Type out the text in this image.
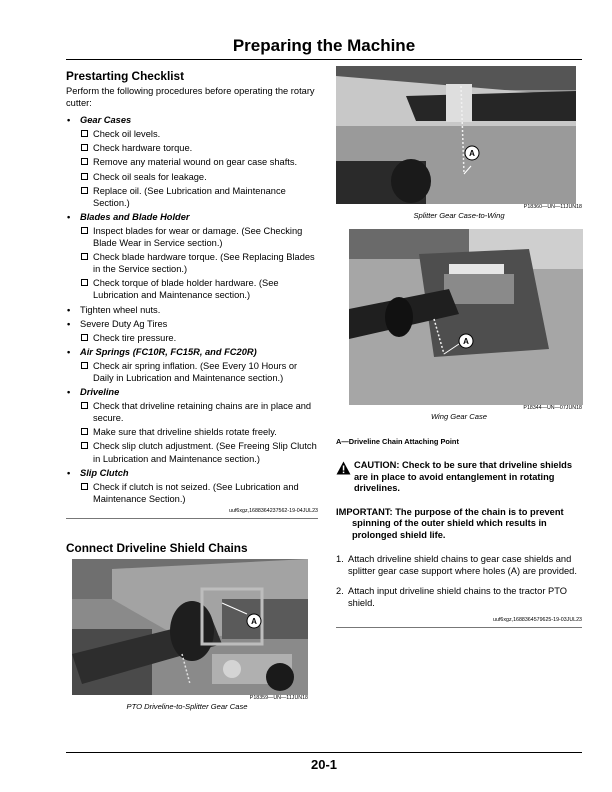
Preparing the Machine
Prestarting Checklist
Perform the following procedures before operating the rotary cutter:
• Gear Cases
Check oil levels.
Check hardware torque.
Remove any material wound on gear case shafts.
Check oil seals for leakage.
Replace oil. (See Lubrication and Maintenance Section.)
• Blades and Blade Holder
Inspect blades for wear or damage. (See Checking Blade Wear in Service section.)
Check blade hardware torque. (See Replacing Blades in the Service section.)
Check torque of blade holder hardware. (See Lubrication and Maintenance section.)
• Tighten wheel nuts.
• Severe Duty Ag Tires
Check tire pressure.
• Air Springs (FC10R, FC15R, and FC20R)
Check air spring inflation. (See Every 10 Hours or Daily in Lubrication and Maintenance section.)
• Driveline
Check that driveline retaining chains are in place and secure.
Make sure that driveline shields rotate freely.
Check slip clutch adjustment. (See Freeing Slip Clutch in Lubrication and Maintenance section.)
• Slip Clutch
Check if clutch is not seized. (See Lubrication and Maintenance Section.)
uuf6xgz,1688364237562-19-04JUL23
Connect Driveline Shield Chains
A
P18359—UN—11JUN18
PTO Driveline-to-Splitter Gear Case
A
P18360—UN—11JUN18
Splitter Gear Case-to-Wing
A
P18344—UN—07JUN18
Wing Gear Case
A—Driveline Chain Attaching Point
CAUTION: Check to be sure that driveline shields are in place to avoid entanglement in rotating drivelines.
IMPORTANT: The purpose of the chain is to prevent
spinning of the outer shield which results in prolonged shield life.
1. Attach driveline shield chains to gear case shields and splitter gear case support where holes (A) are provided.
2. Attach input driveline shield chains to the tractor PTO shield.
uuf6xgz,1688364579625-19-03JUL23
20-1
